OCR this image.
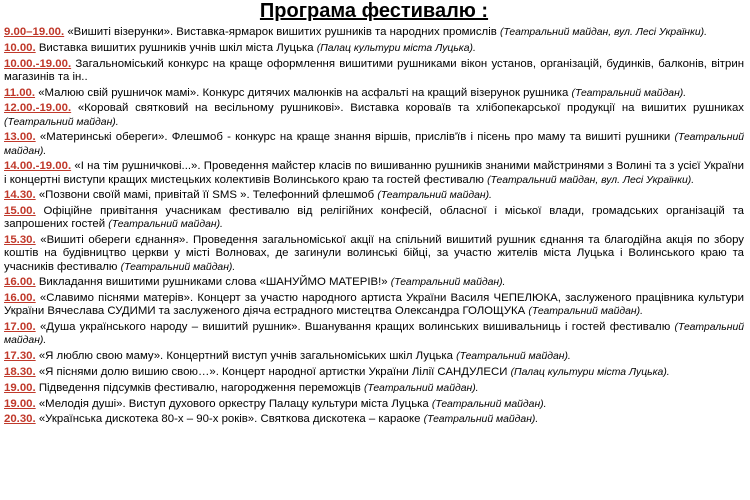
Програма фестивалю :
9.00–19.00. «Вишиті візерунки». Виставка-ярмарок вишитих рушників та народних промислів (Театральний майдан, вул. Лесі Українки).
10.00. Виставка вишитих рушників учнів шкіл міста Луцька (Палац культури міста Луцька).
10.00.-19.00. Загальноміський конкурс на краще оформлення вишитими рушниками вікон установ, організацій, будинків, балконів, вітрин магазинів та ін..
11.00. «Малюю свій рушничок мамі». Конкурс дитячих малюнків на асфальті на кращий візерунок рушника (Театральний майдан).
12.00.-19.00. «Коровай святковий на весільному рушникові». Виставка короваїв та хлібопекарської продукції на вишитих рушниках (Театральний майдан).
13.00. «Материнські обереги». Флешмоб - конкурс на краще знання віршів, прислів'їв і пісень про маму та вишиті рушники (Театральний майдан).
14.00.-19.00. «І на тім рушничкові...». Проведення майстер класів по вишиванню рушників знаними майстринями з Волині та з усієї України і концертні виступи кращих мистецьких колективів Волинського краю та гостей фестивалю (Театральний майдан, вул. Лесі Українки).
14.30. «Позвони своїй мамі, привітай її SMS ». Телефонний флешмоб (Театральний майдан).
15.00. Офіційне привітання учасникам фестивалю від релігійних конфесій, обласної і міської влади, громадських організацій та запрошених гостей (Театральний майдан).
15.30. «Вишиті обереги єднання». Проведення загальноміської акції на спільний вишитий рушник єднання та благодійна акція по збору коштів на будівництво церкви у місті Волновах, де загинули волинські бійці, за участю жителів міста Луцька і Волинського краю та учасників фестивалю (Театральний майдан).
16.00. Викладання вишитими рушниками слова «ШАНУЙМО МАТЕРІВ!» (Театральний майдан).
16.00. «Славимо піснями матерів». Концерт за участю народного артиста України Василя ЧЕПЕЛЮКА, заслуженого працівника культури України Вячеслава СУДИМИ та заслуженого діяча естрадного мистецтва Олександра ГОЛОЩУКА (Театральний майдан).
17.00. «Душа українського народу – вишитий рушник». Вшанування кращих волинських вишивальниць і гостей фестивалю (Театральний майдан).
17.30. «Я люблю свою маму». Концертний виступ учнів загальноміських шкіл Луцька (Театральний майдан).
18.30. «Я піснями долю вишию свою…». Концерт народної артистки України Лілії САНДУЛЕСИ (Палац культури міста Луцька).
19.00. Підведення підсумків фестивалю, нагородження переможців (Театральний майдан).
19.00. «Мелодія душі». Виступ духового оркестру Палацу культури міста Луцька (Театральний майдан).
20.30. «Українська дискотека 80-х – 90-х років». Святкова дискотека – караоке (Театральний майдан).
